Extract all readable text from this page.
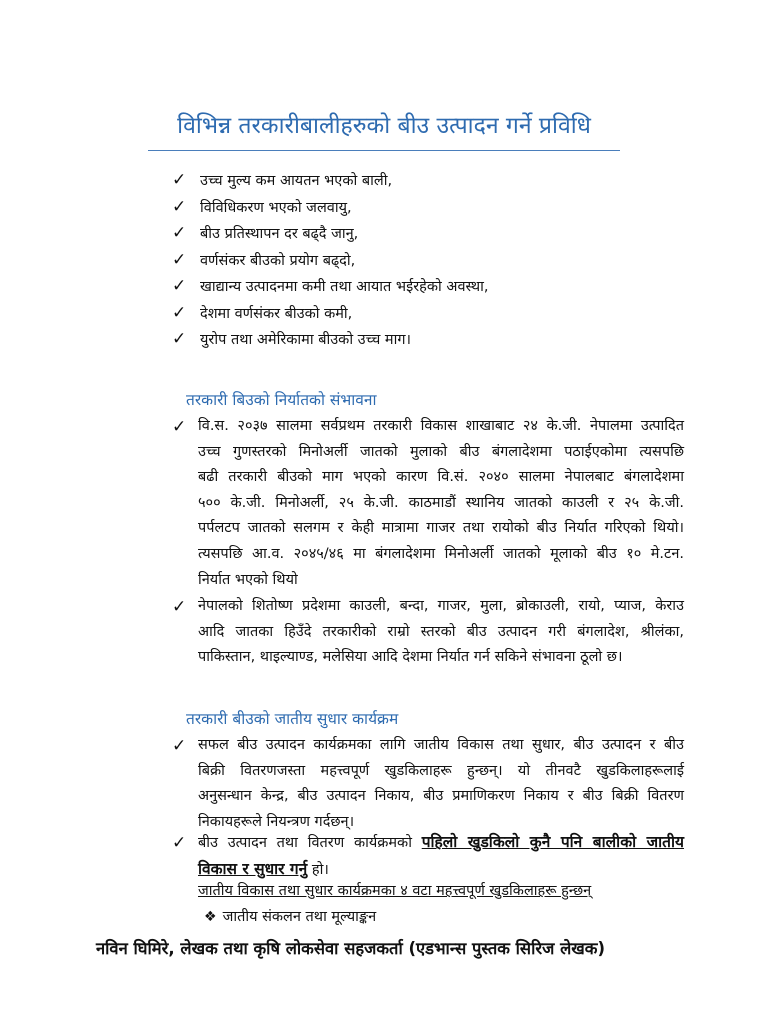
विभिन्न तरकारीबालीहरुको बीउ उत्पादन गर्ने प्रविधि
✓ उच्च मुल्य कम आयतन भएको बाली,
✓ विविधिकरण भएको जलवायु,
✓ बीउ प्रतिस्थापन दर बढ्दै जानु,
✓ वर्णसंकर बीउको प्रयोग बढ्दो,
✓ खाद्यान्य उत्पादनमा कमी तथा आयात भईरहेको अवस्था,
✓ देशमा वर्णसंकर बीउको कमी,
✓ युरोप तथा अमेरिकामा बीउको उच्च माग।
तरकारी बिउको निर्यातको संभावना
✓ वि.स. २०३७ सालमा सर्वप्रथम तरकारी विकास शाखाबाट २४ के.जी. नेपालमा उत्पादित
उच्च गुणस्तरको मिनोअर्ली जातको मुलाको बीउ बंगलादेशमा पठाईएकोमा त्यसपछि
बढी तरकारी बीउको माग भएको कारण वि.सं. २०४० सालमा नेपालबाट बंगलादेशमा
५०० के.जी. मिनोअर्ली, २५ के.जी. काठमाडौं स्थानिय जातको काउली र २५ के.जी.
पर्पलटप जातको सलगम र केही मात्रामा गाजर तथा रायोको बीउ निर्यात गरिएको थियो।
त्यसपछि आ.व. २०४५/४६ मा बंगलादेशमा मिनोअर्ली जातको मूलाको बीउ १० मे.टन.
निर्यात भएको थियो
✓ नेपालको शितोष्ण प्रदेशमा काउली, बन्दा, गाजर, मुला, ब्रोकाउली, रायो, प्याज, केराउ
आदि जातका हिउँदे तरकारीको राम्रो स्तरको बीउ उत्पादन गरी बंगलादेश, श्रीलंका,
पाकिस्तान, थाइल्याण्ड, मलेसिया आदि देशमा निर्यात गर्न सकिने संभावना ठूलो छ।
तरकारी बीउको जातीय सुधार कार्यक्रम
✓ सफल बीउ उत्पादन कार्यक्रमका लागि जातीय विकास तथा सुधार, बीउ उत्पादन र बीउ
बिक्री वितरणजस्ता महत्त्वपूर्ण खुडकिलाहरू हुन्छन्। यो तीनवटै खुडकिलाहरूलाई
अनुसन्धान केन्द्र, बीउ उत्पादन निकाय, बीउ प्रमाणिकरण निकाय र बीउ बिक्री वितरण
निकायहरूले नियन्त्रण गर्दछन्।
✓ बीउ उत्पादन तथा वितरण कार्यक्रमको पहिलो खुडकिलो कुनै पनि बालीको जातीय
विकास र सुधार गर्नु हो।
जातीय विकास तथा सुधार कार्यक्रमका ४ वटा महत्त्वपूर्ण खुडकिलाहरू हुन्छन्
❖ जातीय संकलन तथा मूल्याङ्कन
नविन घिमिरे, लेखक तथा कृषि लोकसेवा सहजकर्ता (एडभान्स पुस्तक सिरिज लेखक)
